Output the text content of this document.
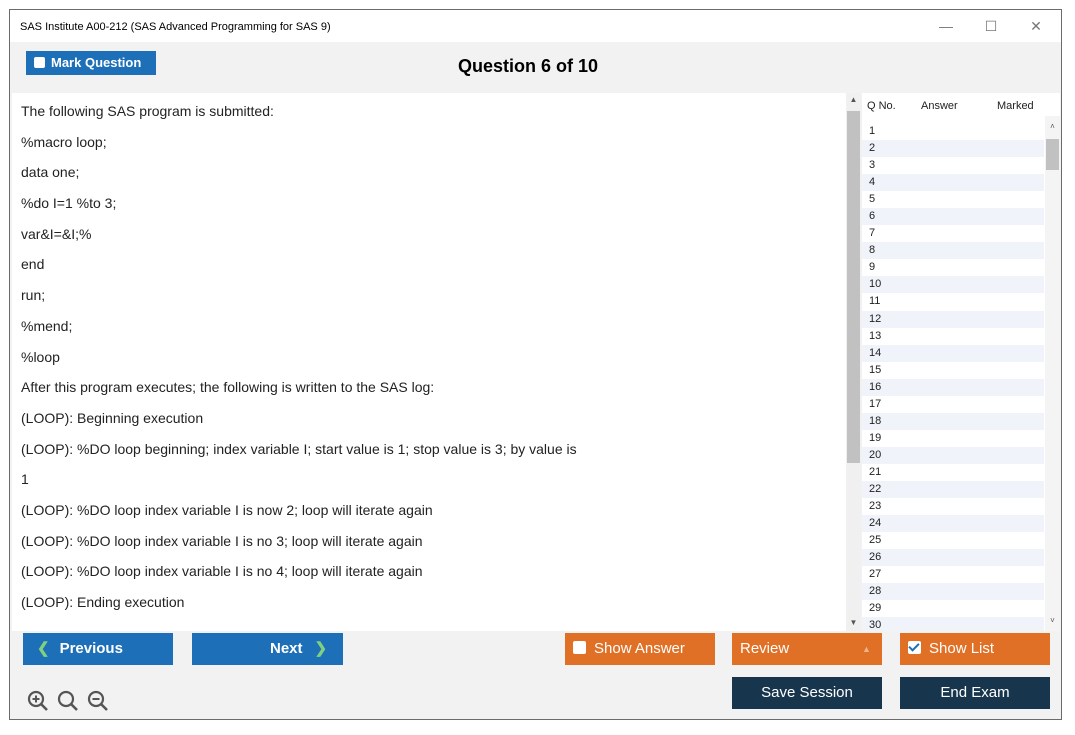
SAS Institute A00-212 (SAS Advanced Programming for SAS 9)	—	☐	✕
Mark Question	Question 6 of 10
The following SAS program is submitted:
%macro loop;
data one;
%do I=1 %to 3;
var&I=&I;%
end
run;
%mend;
%loop
After this program executes; the following is written to the SAS log:
(LOOP): Beginning execution
(LOOP): %DO loop beginning; index variable I; start value is 1; stop value is 3; by value is
1
(LOOP): %DO loop index variable I is now 2; loop will iterate again
(LOOP): %DO loop index variable I is no 3; loop will iterate again
(LOOP): %DO loop index variable I is no 4; loop will iterate again
(LOOP): Ending execution
▲
▼
Q No. Answer	Marked
1
2
3
4
5
6
7
8
9
10
11
12
13
14
15
16
17
18
19
20
21
22
23
24
25
26
27
28
29
30
˄
˅
❮ Previous	Next ❯	Show Answer	Review	▲	Show List
Save Session	End Exam
